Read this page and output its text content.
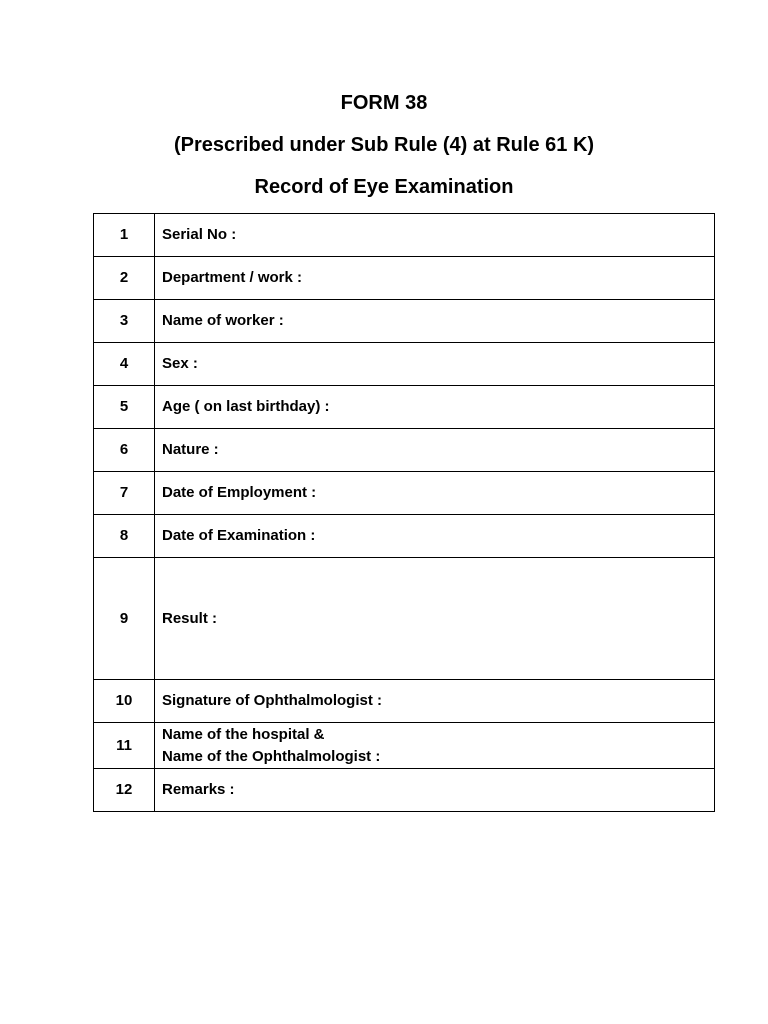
FORM 38
(Prescribed under Sub Rule (4) at Rule 61 K)
Record of Eye Examination
1	Serial No :
2	Department / work :
3	Name of worker :
4	Sex :
5	Age ( on last birthday) :
6	Nature :
7	Date of Employment :
8	Date of Examination :
9	Result :
10	Signature of Ophthalmologist :
11	Name of the hospital &
Name of the Ophthalmologist :

12	Remarks :
